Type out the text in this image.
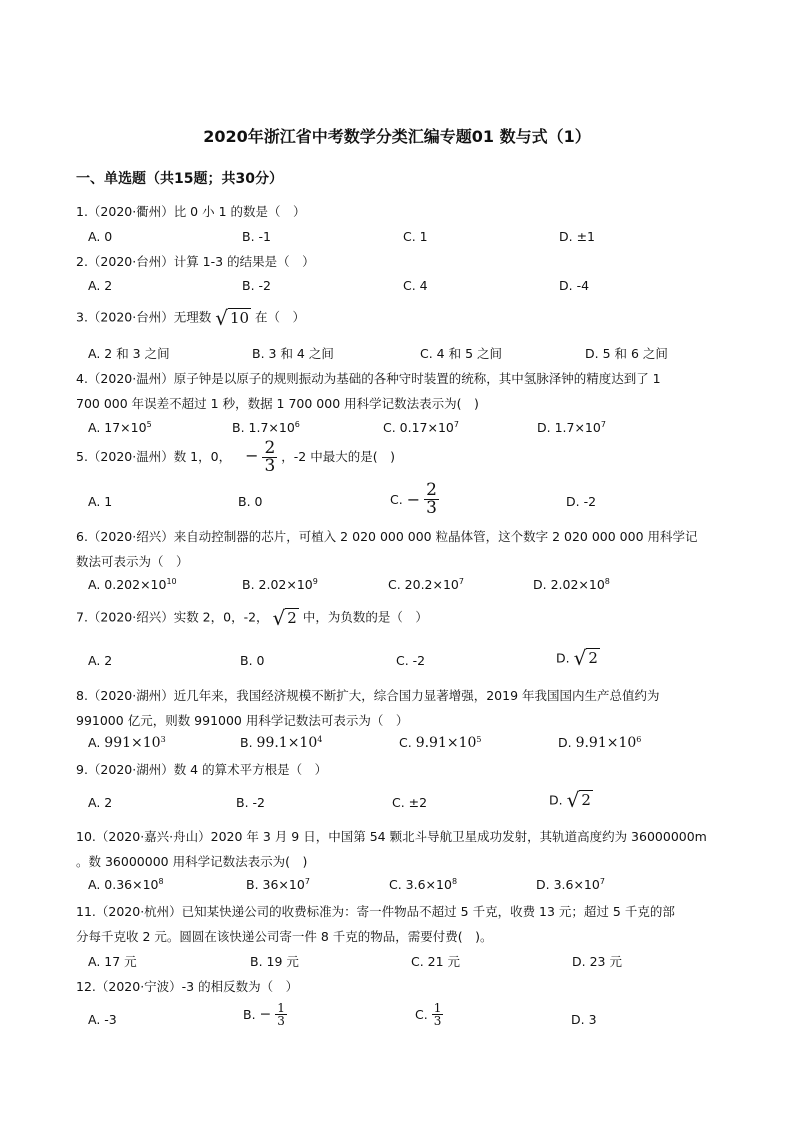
2020年浙江省中考数学分类汇编专题01 数与式（1）
一、单选题（共15题；共30分）
1.（2020·衢州）比 0 小 1 的数是（　）
A. 0	B. -1	C. 1	D. ±1
2.（2020·台州）计算 1-3 的结果是（　）
A. 2	B. -2	C. 4	D. -4
3.（2020·台州）无理数 √ 10 在（　）
A. 2 和 3 之间	B. 3 和 4 之间	C. 4 和 5 之间	D. 5 和 6 之间
4.（2020·温州）原子钟是以原子的规则振动为基础的各种守时装置的统称，其中氢脉泽钟的精度达到了 1
700 000 年误差不超过 1 秒，数据 1 700 000 用科学记数法表示为(　)
A. $17\times 10^5$	B. $1.7\times 10^6$	C. $0.17\times 10^7$	D. $1.7\times 10^7$
5.（2020·温州）数 1，0， − $\frac{2}{3}$ ，-2 中最大的是(　)
A. 1	B. 0	C. − $\frac{2}{3}$	D. -2
6.（2020·绍兴）来自动控制器的芯片，可植入 2 020 000 000 粒晶体管，这个数字 2 020 000 000 用科学记
数法可表示为（　）
A. $0.202\times 10^{10}$	B. $2.02\times 10^9$	C. $20.2\times 10^7$	D. $2.02\times 10^8$
7.（2020·绍兴）实数 2，0，-2， √ 2 中，为负数的是（　）
A. 2	B. 0	C. -2	D. √ 2
8.（2020·湖州）近几年来，我国经济规模不断扩大，综合国力显著增强，2019 年我国国内生产总值约为
991000 亿元，则数 991000 用科学记数法可表示为（　）
A. $991\times 10^3$	B. $99.1\times 10^4$	C. $9.91\times 10^5$	D. $9.91\times 10^6$
9.（2020·湖州）数 4 的算术平方根是（　）
A. 2	B. -2	C. ±2	D. √ 2
10.（2020·嘉兴·舟山）2020 年 3 月 9 日，中国第 54 颗北斗导航卫星成功发射，其轨道高度约为 36000000m
。数 36000000 用科学记数法表示为(　)
A. $0.36\times 10^8$	B. $36\times 10^7$	C. $3.6\times 10^8$	D. $3.6\times 10^7$
11.（2020·杭州）已知某快递公司的收费标准为：寄一件物品不超过 5 千克，收费 13 元；超过 5 千克的部
分每千克收 2 元。圆圆在该快递公司寄一件 8 千克的物品，需要付费(　)。
A. 17 元	B. 19 元	C. 21 元	D. 23 元
12.（2020·宁波）-3 的相反数为（　）
A. -3	B. − $\frac{1}{3}$	C. $\frac{1}{3}$	D. 3
